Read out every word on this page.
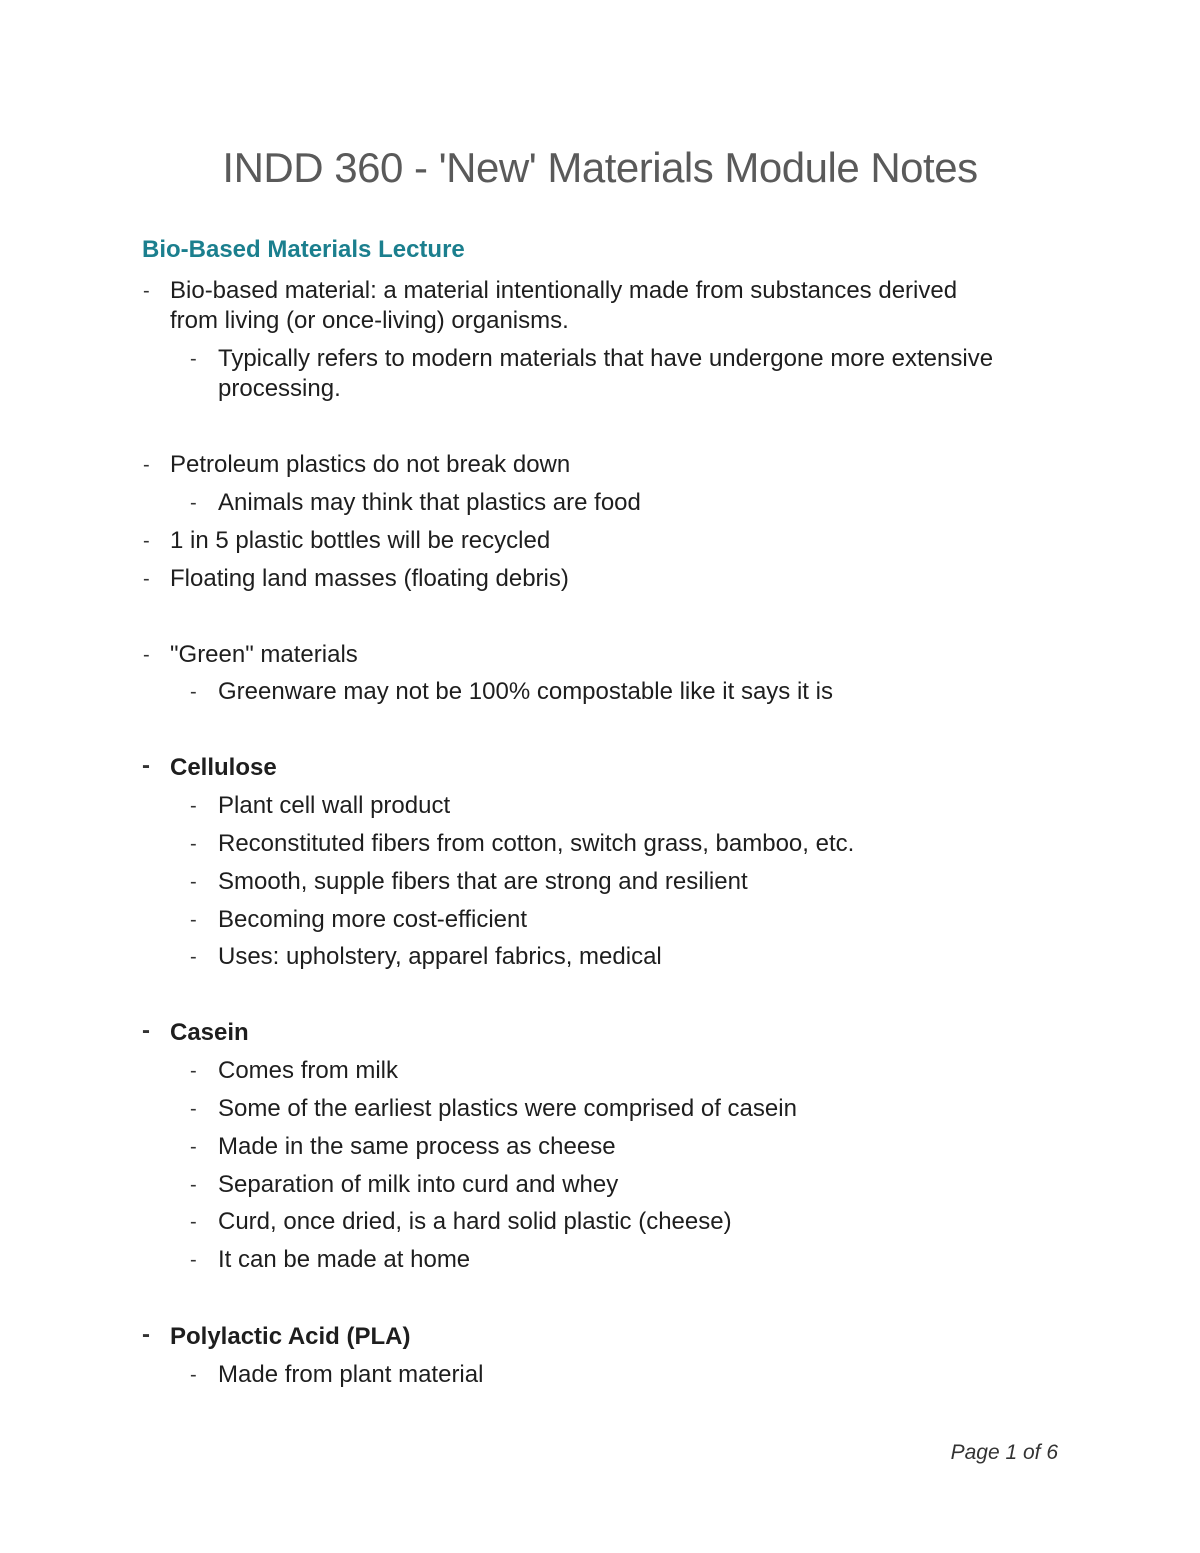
INDD 360 - 'New' Materials Module Notes
Bio-Based Materials Lecture
- Bio-based material: a material intentionally made from substances derived
from living (or once-living) organisms.
- Typically refers to modern materials that have undergone more extensive
processing.
- Petroleum plastics do not break down
- Animals may think that plastics are food
- 1 in 5 plastic bottles will be recycled
- Floating land masses (floating debris)
- "Green" materials
- Greenware may not be 100% compostable like it says it is
- Cellulose
- Plant cell wall product
- Reconstituted fibers from cotton, switch grass, bamboo, etc.
- Smooth, supple fibers that are strong and resilient
- Becoming more cost-efficient
- Uses: upholstery, apparel fabrics, medical
- Casein
- Comes from milk
- Some of the earliest plastics were comprised of casein
- Made in the same process as cheese
- Separation of milk into curd and whey
- Curd, once dried, is a hard solid plastic (cheese)
- It can be made at home
- Polylactic Acid (PLA)
- Made from plant material
Page 1 of 6
